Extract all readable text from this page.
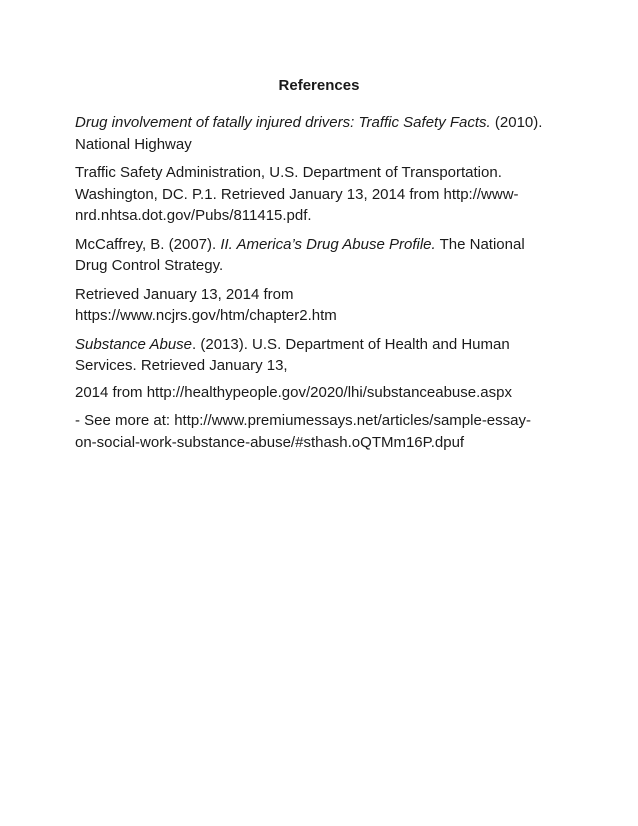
References

Drug involvement of fatally injured drivers: Traffic Safety Facts. (2010).
National Highway

Traffic Safety Administration, U.S. Department of Transportation.
Washington, DC. P.1. Retrieved January 13, 2014 from http://www-
nrd.nhtsa.dot.gov/Pubs/811415.pdf.

McCaffrey, B. (2007). II. America’s Drug Abuse Profile. The National
Drug Control Strategy.

Retrieved January 13, 2014 from
https://www.ncjrs.gov/htm/chapter2.htm

Substance Abuse. (2013). U.S. Department of Health and Human
Services. Retrieved January 13,

2014 from http://healthypeople.gov/2020/lhi/substanceabuse.aspx

- See more at: http://www.premiumessays.net/articles/sample-essay-
on-social-work-substance-abuse/#sthash.oQTMm16P.dpuf
